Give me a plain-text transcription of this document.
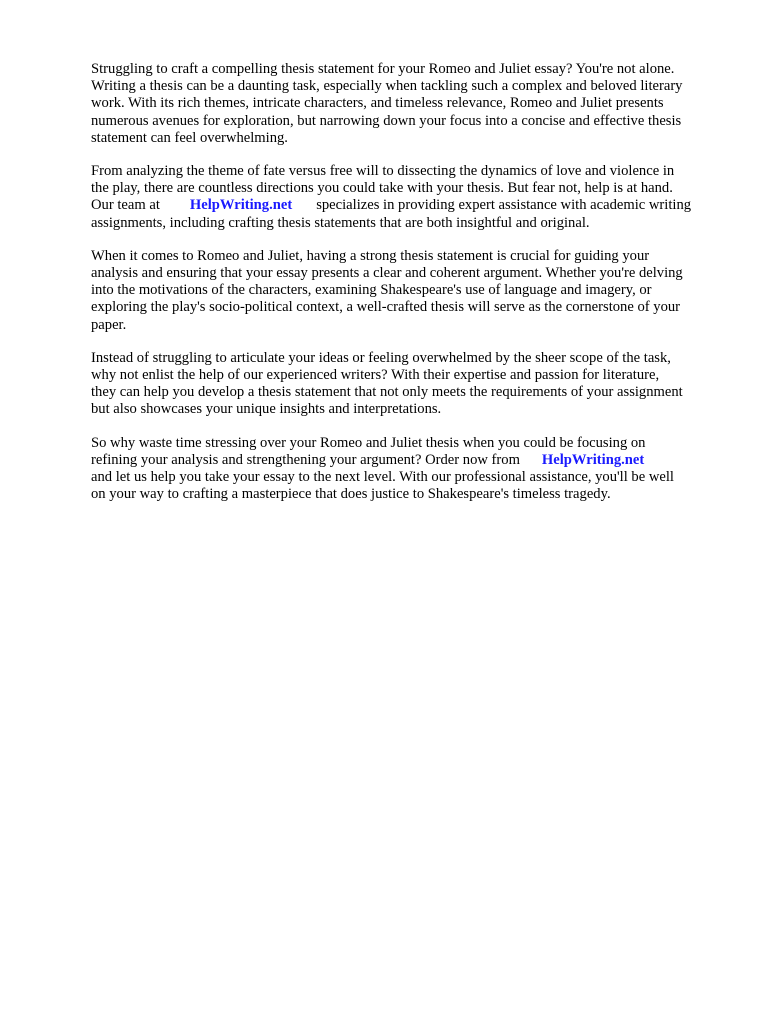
Struggling to craft a compelling thesis statement for your Romeo and Juliet essay? You're not alone.
Writing a thesis can be a daunting task, especially when tackling such a complex and beloved literary
work. With its rich themes, intricate characters, and timeless relevance, Romeo and Juliet presents
numerous avenues for exploration, but narrowing down your focus into a concise and effective thesis
statement can feel overwhelming.

From analyzing the theme of fate versus free will to dissecting the dynamics of love and violence in
the play, there are countless directions you could take with your thesis. But fear not, help is at hand.
Our team at HelpWriting.net specializes in providing expert assistance with academic writing
assignments, including crafting thesis statements that are both insightful and original.

When it comes to Romeo and Juliet, having a strong thesis statement is crucial for guiding your
analysis and ensuring that your essay presents a clear and coherent argument. Whether you're delving
into the motivations of the characters, examining Shakespeare's use of language and imagery, or
exploring the play's socio-political context, a well-crafted thesis will serve as the cornerstone of your
paper.

Instead of struggling to articulate your ideas or feeling overwhelmed by the sheer scope of the task,
why not enlist the help of our experienced writers? With their expertise and passion for literature,
they can help you develop a thesis statement that not only meets the requirements of your assignment
but also showcases your unique insights and interpretations.

So why waste time stressing over your Romeo and Juliet thesis when you could be focusing on
refining your analysis and strengthening your argument? Order now from HelpWriting.net
and let us help you take your essay to the next level. With our professional assistance, you'll be well
on your way to crafting a masterpiece that does justice to Shakespeare's timeless tragedy.
